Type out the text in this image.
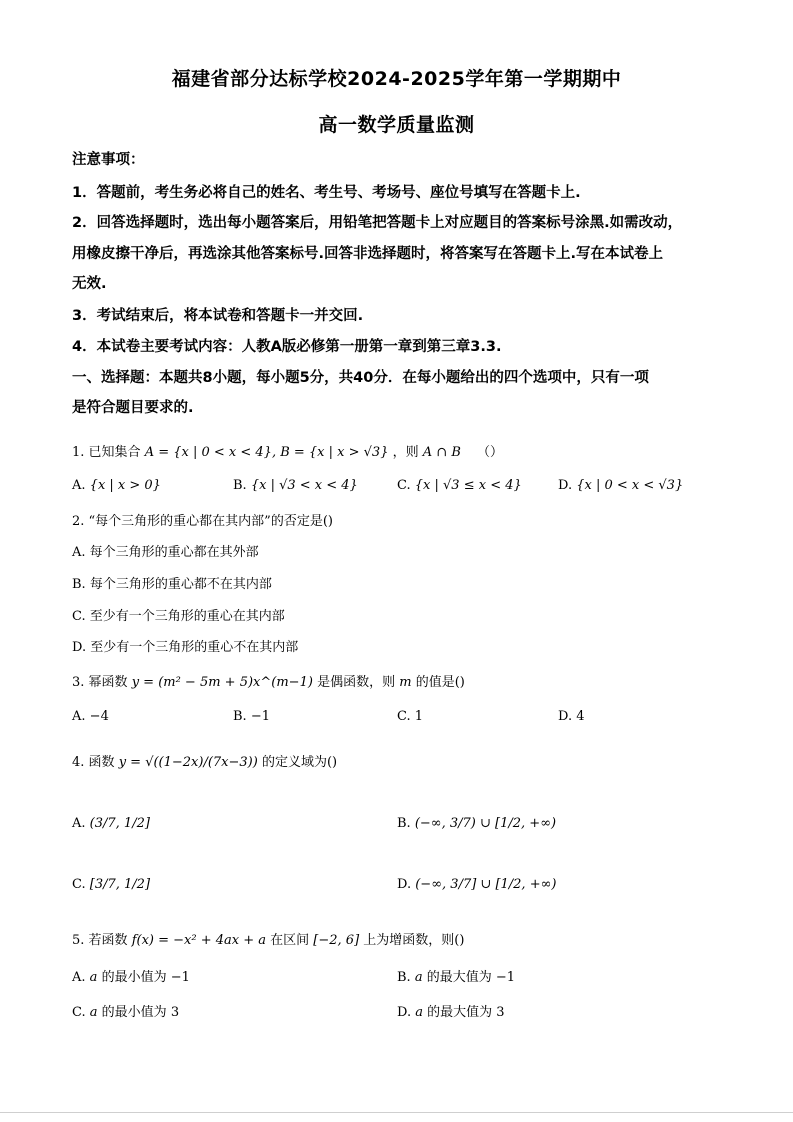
福建省部分达标学校2024-2025学年第一学期期中
高一数学质量监测
注意事项：
1．答题前，考生务必将自己的姓名、考生号、考场号、座位号填写在答题卡上.
2．回答选择题时，选出每小题答案后，用铅笔把答题卡上对应题目的答案标号涂黑.如需改动，
用橡皮擦干净后，再选涂其他答案标号.回答非选择题时，将答案写在答题卡上.写在本试卷上
无效.
3．考试结束后，将本试卷和答题卡一并交回.
4．本试卷主要考试内容：人教A版必修第一册第一章到第三章3.3.
一、选择题：本题共8小题，每小题5分，共40分．在每小题给出的四个选项中，只有一项
是符合题目要求的.
1. 已知集合 A = {x | 0 < x < 4}, B = {x | x > √3} ，则 A ∩ B （）
A. {x | x > 0}	B. {x | √3 < x < 4}	C. {x | √3 ≤ x < 4}	D. {x | 0 < x < √3}
2. “每个三角形的重心都在其内部”的否定是()
A. 每个三角形的重心都在其外部
B. 每个三角形的重心都不在其内部
C. 至少有一个三角形的重心在其内部
D. 至少有一个三角形的重心不在其内部
3. 幂函数 y = (m² − 5m + 5)x^(m−1) 是偶函数，则 m 的值是()
A. −4	B. −1	C. 1	D. 4
4. 函数 y = √((1−2x)/(7x−3)) 的定义域为()
A. (3/7, 1/2]	B. (−∞, 3/7) ∪ [1/2, +∞)
C. [3/7, 1/2]	D. (−∞, 3/7] ∪ [1/2, +∞)
5. 若函数 f(x) = −x² + 4ax + a 在区间 [−2, 6] 上为增函数，则()
A. a 的最小值为 −1	B. a 的最大值为 −1
C. a 的最小值为 3	D. a 的最大值为 3
